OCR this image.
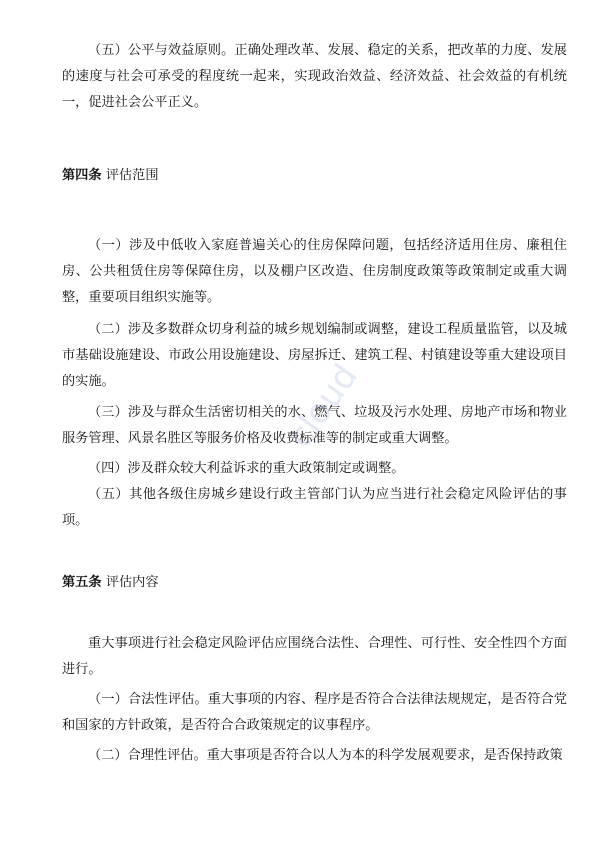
（五）公平与效益原则。正确处理改革、发展、稳定的关系，把改革的力度、发展的速度与社会可承受的程度统一起来，实现政治效益、经济效益、社会效益的有机统一，促进社会公平正义。

第四条 评估范围

（一）涉及中低收入家庭普遍关心的住房保障问题，包括经济适用住房、廉租住房、公共租赁住房等保障住房，以及棚户区改造、住房制度政策等政策制定或重大调整，重要项目组织实施等。

（二）涉及多数群众切身利益的城乡规划编制或调整，建设工程质量监管，以及城市基础设施建设、市政公用设施建设、房屋拆迁、建筑工程、村镇建设等重大建设项目的实施。

（三）涉及与群众生活密切相关的水、燃气、垃圾及污水处理、房地产市场和物业服务管理、风景名胜区等服务价格及收费标准等的制定或重大调整。

（四）涉及群众较大利益诉求的重大政策制定或调整。

（五）其他各级住房城乡建设行政主管部门认为应当进行社会稳定风险评估的事项。

第五条 评估内容

重大事项进行社会稳定风险评估应围绕合法性、合理性、可行性、安全性四个方面进行。

（一）合法性评估。重大事项的内容、程序是否符合合法律法规规定，是否符合党和国家的方针政策，是否符合合政策规定的议事程序。

（二）合理性评估。重大事项是否符合以人为本的科学发展观要求，是否保持政策

cloud
